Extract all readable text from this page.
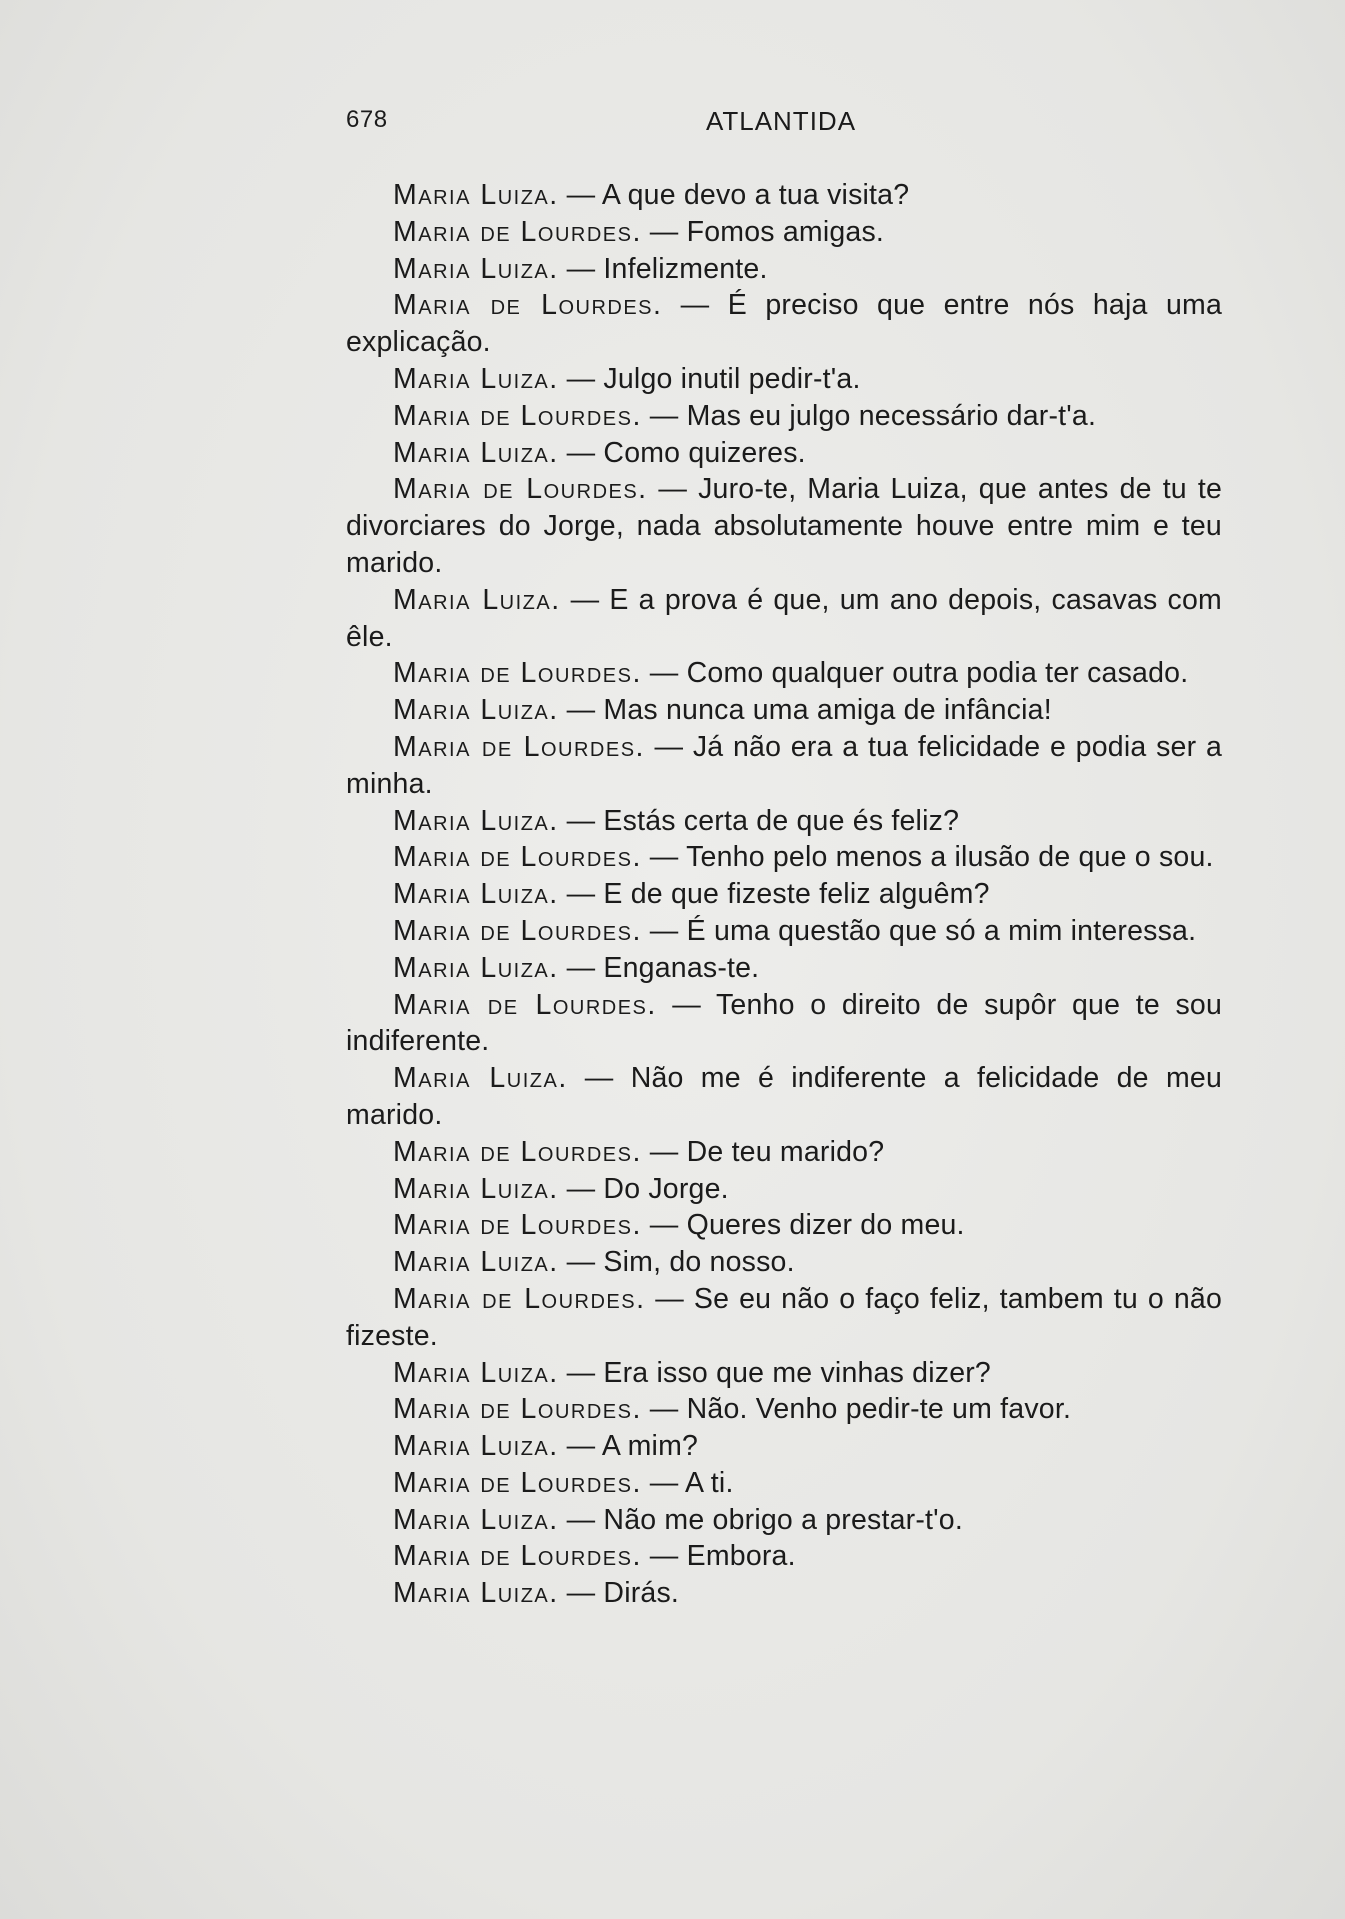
678	ATLANTIDA
Maria Luiza. — A que devo a tua visita?
Maria de Lourdes. — Fomos amigas.
Maria Luiza. — Infelizmente.
Maria de Lourdes. — É preciso que entre nós haja uma explicação.
Maria Luiza. — Julgo inutil pedir-t'a.
Maria de Lourdes. — Mas eu julgo necessário dar-t'a.
Maria Luiza. — Como quizeres.
Maria de Lourdes. — Juro-te, Maria Luiza, que antes de tu te divorciares do Jorge, nada absolutamente houve entre mim e teu marido.
Maria Luiza. — E a prova é que, um ano depois, casavas com êle.
Maria de Lourdes. — Como qualquer outra podia ter casado.
Maria Luiza. — Mas nunca uma amiga de infância!
Maria de Lourdes. — Já não era a tua felicidade e podia ser a minha.
Maria Luiza. — Estás certa de que és feliz?
Maria de Lourdes. — Tenho pelo menos a ilusão de que o sou.
Maria Luiza. — E de que fizeste feliz alguêm?
Maria de Lourdes. — É uma questão que só a mim interessa.
Maria Luiza. — Enganas-te.
Maria de Lourdes. — Tenho o direito de supôr que te sou indiferente.
Maria Luiza. — Não me é indiferente a felicidade de meu marido.
Maria de Lourdes. — De teu marido?
Maria Luiza. — Do Jorge.
Maria de Lourdes. — Queres dizer do meu.
Maria Luiza. — Sim, do nosso.
Maria de Lourdes. — Se eu não o faço feliz, tambem tu o não fizeste.
Maria Luiza. — Era isso que me vinhas dizer?
Maria de Lourdes. — Não. Venho pedir-te um favor.
Maria Luiza. — A mim?
Maria de Lourdes. — A ti.
Maria Luiza. — Não me obrigo a prestar-t'o.
Maria de Lourdes. — Embora.
Maria Luiza. — Dirás.
